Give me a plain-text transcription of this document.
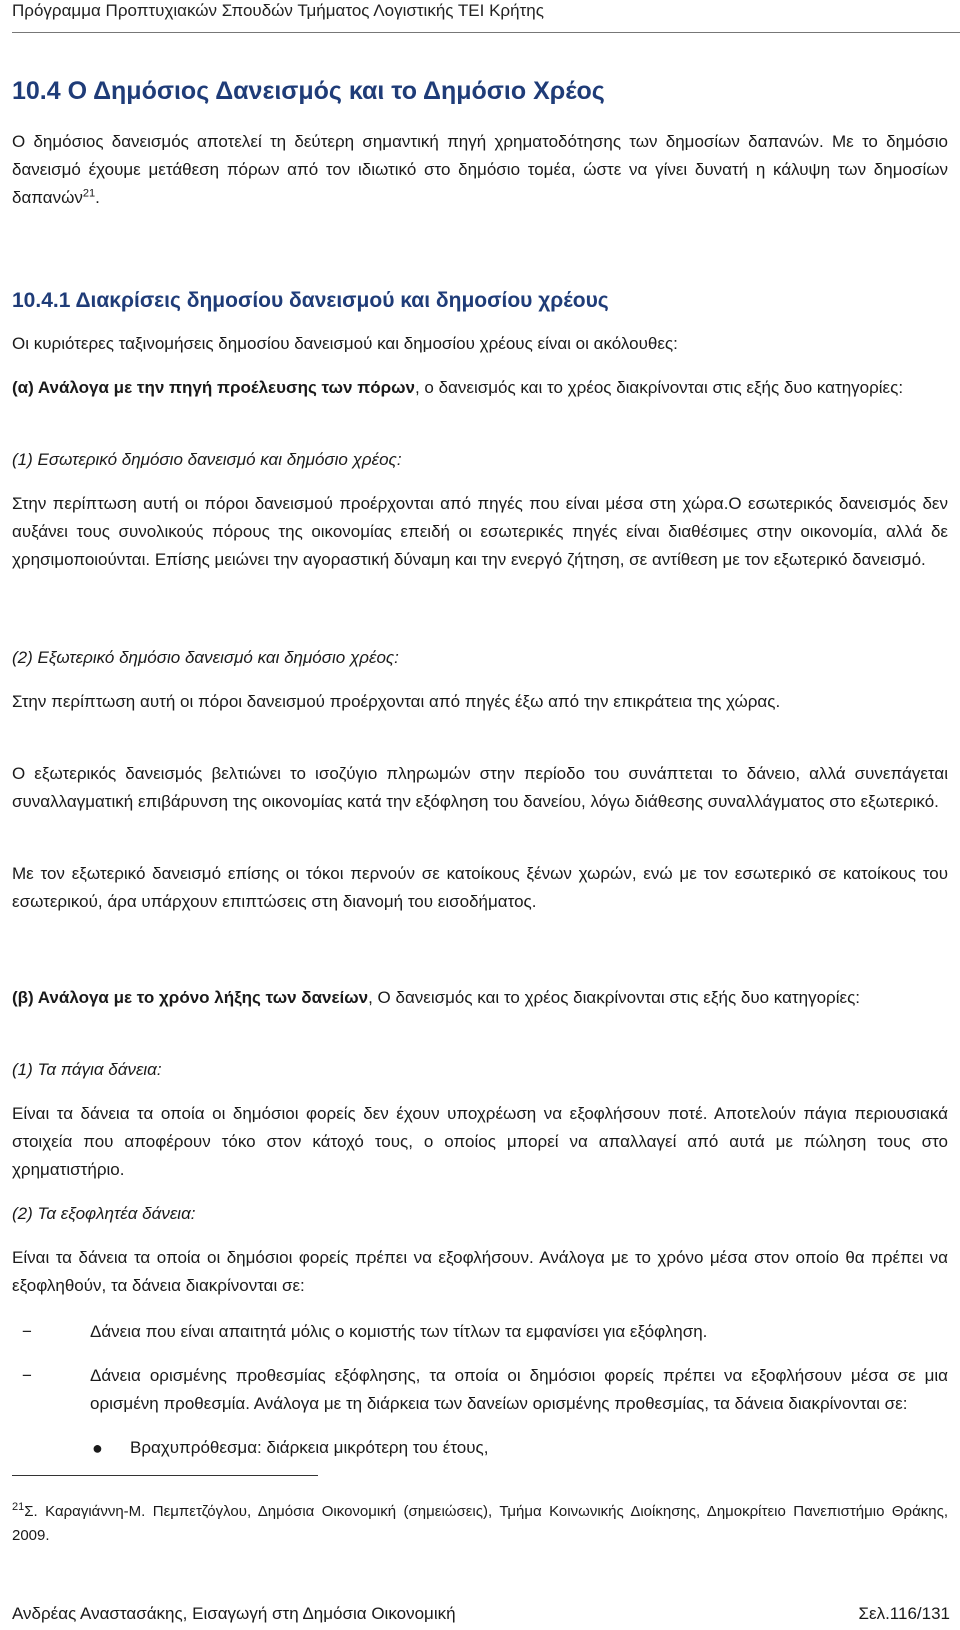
Πρόγραμμα Προπτυχιακών Σπουδών Τμήματος Λογιστικής ΤΕΙ Κρήτης
10.4 Ο Δημόσιος Δανεισμός και το Δημόσιο Χρέος

Ο δημόσιος δανεισμός αποτελεί τη δεύτερη σημαντική πηγή χρηματοδότησης των δημοσίων δαπανών. Με το δημόσιο δανεισμό έχουμε μετάθεση πόρων από τον ιδιωτικό στο δημόσιο τομέα, ώστε να γίνει δυνατή η κάλυψη των δημοσίων δαπανών$^{21}$.

10.4.1 Διακρίσεις δημοσίου δανεισμού και δημοσίου χρέους

Οι κυριότερες ταξινομήσεις δημοσίου δανεισμού και δημοσίου χρέους είναι οι ακόλουθες:

(α) Ανάλογα με την πηγή προέλευσης των πόρων, ο δανεισμός και το χρέος διακρίνονται στις εξής δυο κατηγορίες:

(1) Εσωτερικό δημόσιο δανεισμό και δημόσιο χρέος:

Στην περίπτωση αυτή οι πόροι δανεισμού προέρχονται από πηγές που είναι μέσα στη χώρα.Ο εσωτερικός δανεισμός δεν αυξάνει τους συνολικούς πόρους της οικονομίας επειδή οι εσωτερικές πηγές είναι διαθέσιμες στην οικονομία, αλλά δε χρησιμοποιούνται. Επίσης μειώνει την αγοραστική δύναμη και την ενεργό ζήτηση, σε αντίθεση με τον εξωτερικό δανεισμό.

(2) Εξωτερικό δημόσιο δανεισμό και δημόσιο χρέος:

Στην περίπτωση αυτή οι πόροι δανεισμού προέρχονται από πηγές έξω από την επικράτεια της χώρας.

Ο εξωτερικός δανεισμός βελτιώνει το ισοζύγιο πληρωμών στην περίοδο του συνάπτεται το δάνειο, αλλά συνεπάγεται συναλλαγματική επιβάρυνση της οικονομίας κατά την εξόφληση του δανείου, λόγω διάθεσης συναλλάγματος στο εξωτερικό.

Με τον εξωτερικό δανεισμό επίσης οι τόκοι περνούν σε κατοίκους ξένων χωρών, ενώ με τον εσωτερικό σε κατοίκους του εσωτερικού, άρα υπάρχουν επιπτώσεις στη διανομή του εισοδήματος.

(β) Ανάλογα με το χρόνο λήξης των δανείων, Ο δανεισμός και το χρέος διακρίνονται στις εξής δυο κατηγορίες:

(1) Τα πάγια δάνεια:

Είναι τα δάνεια τα οποία οι δημόσιοι φορείς δεν έχουν υποχρέωση να εξοφλήσουν ποτέ. Αποτελούν πάγια περιουσιακά στοιχεία που αποφέρουν τόκο στον κάτοχό τους, ο οποίος μπορεί να απαλλαγεί από αυτά με πώληση τους στο χρηματιστήριο.

(2) Τα εξοφλητέα δάνεια:

Είναι τα δάνεια τα οποία οι δημόσιοι φορείς πρέπει να εξοφλήσουν. Ανάλογα με το χρόνο μέσα στον οποίο θα πρέπει να εξοφληθούν, τα δάνεια διακρίνονται σε:

−	Δάνεια που είναι απαιτητά μόλις ο κομιστής των τίτλων τα εμφανίσει για εξόφληση.
−	Δάνεια ορισμένης προθεσμίας εξόφλησης, τα οποία οι δημόσιοι φορείς πρέπει να εξοφλήσουν μέσα σε μια ορισμένη προθεσμία. Ανάλογα με τη διάρκεια των δανείων ορισμένης προθεσμίας, τα δάνεια διακρίνονται σε:
● Βραχυπρόθεσμα: διάρκεια μικρότερη του έτους,
$^{21}$Σ. Καραγιάννη-Μ. Πεμπετζόγλου, Δημόσια Οικονομική (σημειώσεις), Τμήμα Κοινωνικής Διοίκησης, Δημοκρίτειο Πανεπιστήμιο Θράκης, 2009.
Ανδρέας Αναστασάκης, Εισαγωγή στη Δημόσια Οικονομική	Σελ.116/131
